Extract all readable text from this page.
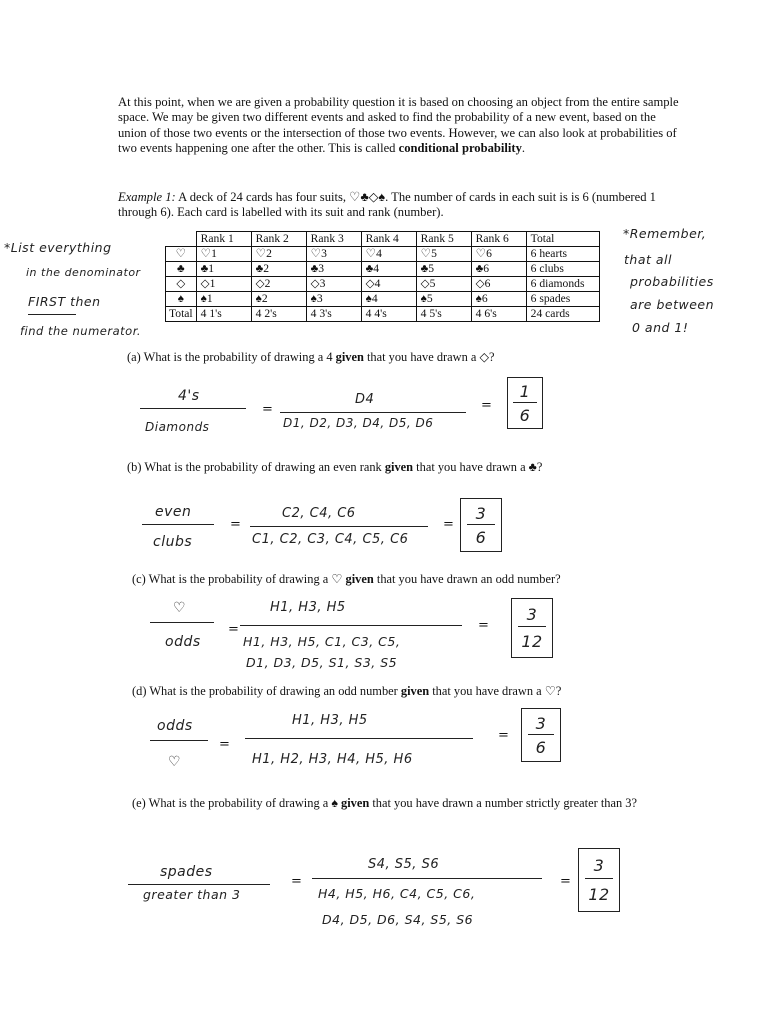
At this point, when we are given a probability question it is based on choosing an object from the entire sample space. We may be given two different events and asked to find the probability of a new event, based on the union of those two events or the intersection of those two events. However, we can also look at probabilities of two events happening one after the other. This is called conditional probability.
Example 1: A deck of 24 cards has four suits, ♡♣◇♠. The number of cards in each suit is is 6 (numbered 1 through 6). Each card is labelled with its suit and rank (number).
	Rank 1	Rank 2	Rank 3	Rank 4	Rank 5	Rank 6	Total
♡	♡1	♡2	♡3	♡4	♡5	♡6	6 hearts
♣	♣1	♣2	♣3	♣4	♣5	♣6	6 clubs
◇	◇1	◇2	◇3	◇4	◇5	◇6	6 diamonds
♠	♠1	♠2	♠3	♠4	♠5	♠6	6 spades
Total	4 1's	4 2's	4 3's	4 4's	4 5's	4 6's	24 cards
*List everything
in the denominator
FIRST then
find the numerator.
*Remember,
that all
probabilities
are between
0 and 1!
(a) What is the probability of drawing a 4 given that you have drawn a ◇?
4's
Diamonds
=
D4
D1, D2, D3, D4, D5, D6
=
1
6
(b) What is the probability of drawing an even rank given that you have drawn a ♣?
even
clubs
=
C2, C4, C6
C1, C2, C3, C4, C5, C6
=
3
6
(c) What is the probability of drawing a ♡ given that you have drawn an odd number?
♡
odds
=
H1, H3, H5
H1, H3, H5, C1, C3, C5,
D1, D3, D5, S1, S3, S5
=
3
12
(d) What is the probability of drawing an odd number given that you have drawn a ♡?
odds
♡
=
H1, H3, H5
H1, H2, H3, H4, H5, H6
=
3
6
(e) What is the probability of drawing a ♠ given that you have drawn a number strictly greater than 3?
spades
greater than 3
=
S4, S5, S6
H4, H5, H6, C4, C5, C6,
D4, D5, D6, S4, S5, S6
=
3
12
